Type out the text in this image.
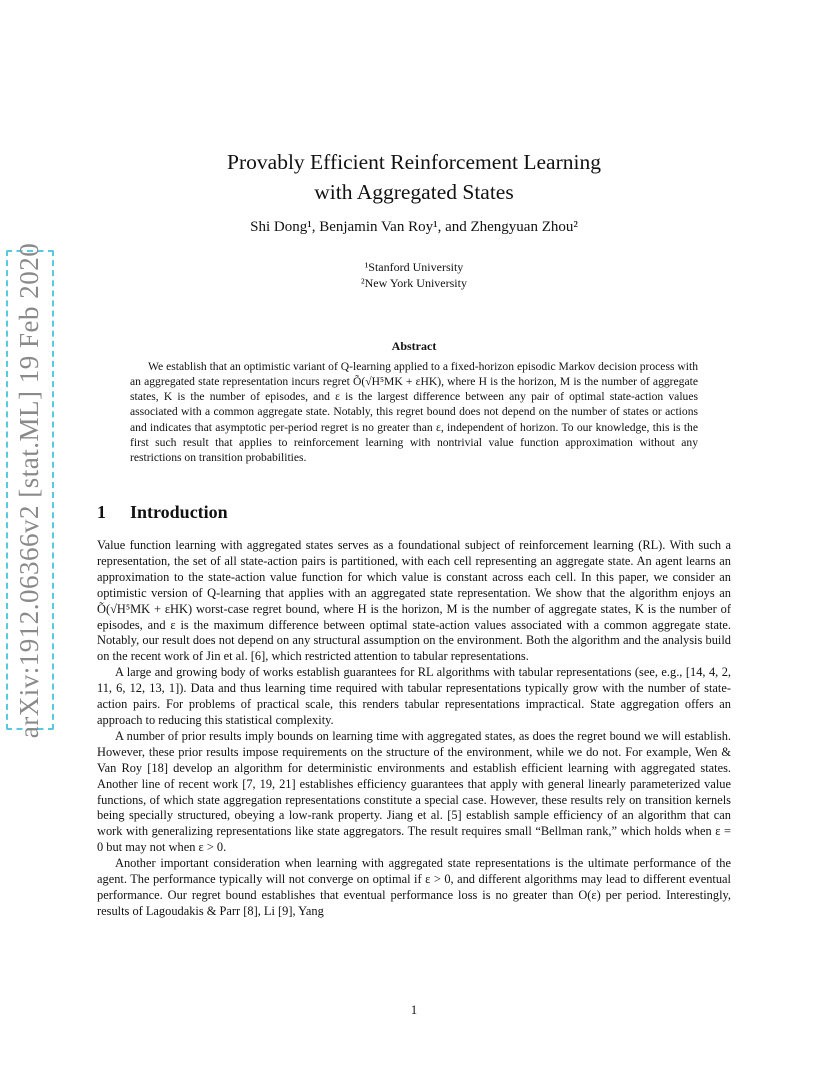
arXiv:1912.06366v2 [stat.ML] 19 Feb 2020
Provably Efficient Reinforcement Learning
with Aggregated States
Shi Dong¹, Benjamin Van Roy¹, and Zhengyuan Zhou²
¹Stanford University
²New York University
Abstract

We establish that an optimistic variant of Q-learning applied to a fixed-horizon episodic Markov decision process with an aggregated state representation incurs regret Õ(√H⁵MK + εHK), where H is the horizon, M is the number of aggregate states, K is the number of episodes, and ε is the largest difference between any pair of optimal state-action values associated with a common aggregate state. Notably, this regret bound does not depend on the number of states or actions and indicates that asymptotic per-period regret is no greater than ε, independent of horizon. To our knowledge, this is the first such result that applies to reinforcement learning with nontrivial value function approximation without any restrictions on transition probabilities.

1 Introduction

Value function learning with aggregated states serves as a foundational subject of reinforcement learning (RL). With such a representation, the set of all state-action pairs is partitioned, with each cell representing an aggregate state. An agent learns an approximation to the state-action value function for which value is constant across each cell. In this paper, we consider an optimistic version of Q-learning that applies with an aggregated state representation. We show that the algorithm enjoys an Õ(√H⁵MK + εHK) worst-case regret bound, where H is the horizon, M is the number of aggregate states, K is the number of episodes, and ε is the maximum difference between optimal state-action values associated with a common aggregate state. Notably, our result does not depend on any structural assumption on the environment. Both the algorithm and the analysis build on the recent work of Jin et al. [6], which restricted attention to tabular representations.

A large and growing body of works establish guarantees for RL algorithms with tabular representations (see, e.g., [14, 4, 2, 11, 6, 12, 13, 1]). Data and thus learning time required with tabular representations typically grow with the number of state-action pairs. For problems of practical scale, this renders tabular representations impractical. State aggregation offers an approach to reducing this statistical complexity.

A number of prior results imply bounds on learning time with aggregated states, as does the regret bound we will establish. However, these prior results impose requirements on the structure of the environment, while we do not. For example, Wen & Van Roy [18] develop an algorithm for deterministic environments and establish efficient learning with aggregated states. Another line of recent work [7, 19, 21] establishes efficiency guarantees that apply with general linearly parameterized value functions, of which state aggregation representations constitute a special case. However, these results rely on transition kernels being specially structured, obeying a low-rank property. Jiang et al. [5] establish sample efficiency of an algorithm that can work with generalizing representations like state aggregators. The result requires small “Bellman rank,” which holds when ε = 0 but may not when ε > 0.

Another important consideration when learning with aggregated state representations is the ultimate performance of the agent. The performance typically will not converge on optimal if ε > 0, and different algorithms may lead to different eventual performance. Our regret bound establishes that eventual performance loss is no greater than O(ε) per period. Interestingly, results of Lagoudakis & Parr [8], Li [9], Yang

1
